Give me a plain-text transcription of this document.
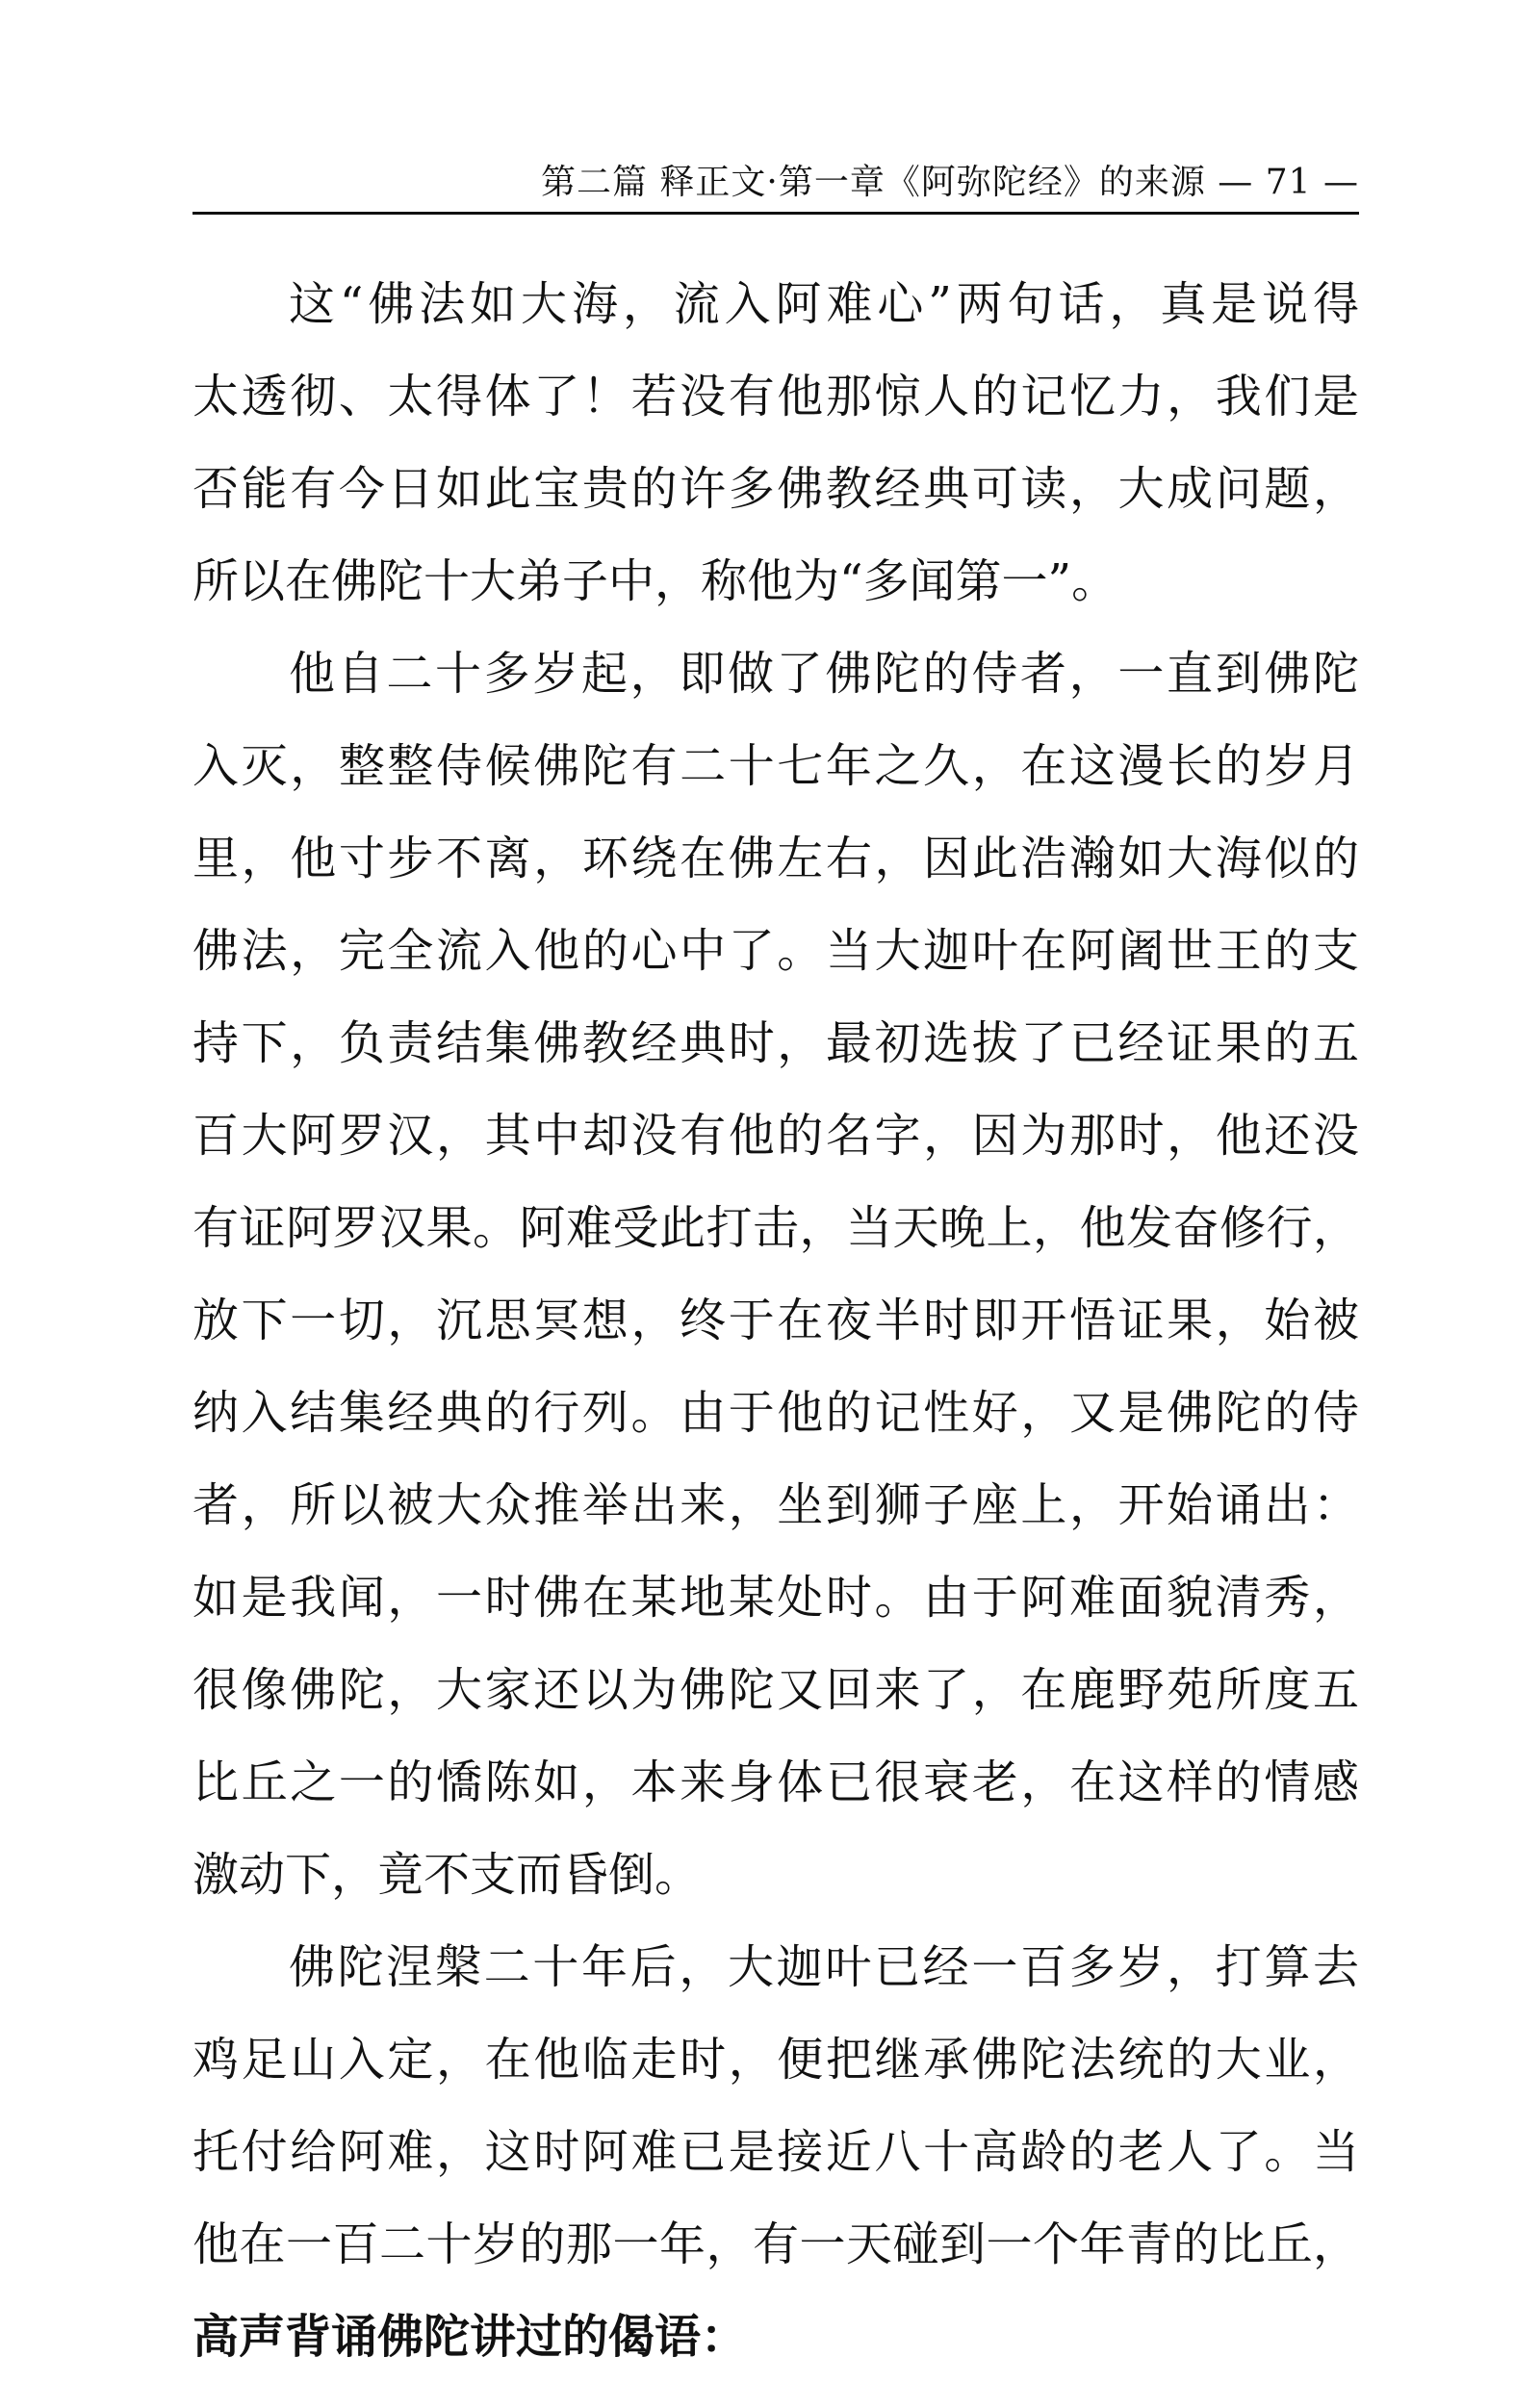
第二篇 释正文·第一章《阿弥陀经》的来源 — 71 —
这“佛法如大海，流入阿难心”两句话，真是说得
太透彻、太得体了！若没有他那惊人的记忆力，我们是
否能有今日如此宝贵的许多佛教经典可读，大成问题，
所以在佛陀十大弟子中，称他为“多闻第一”。
他自二十多岁起，即做了佛陀的侍者，一直到佛陀
入灭，整整侍候佛陀有二十七年之久，在这漫长的岁月
里，他寸步不离，环绕在佛左右，因此浩瀚如大海似的
佛法，完全流入他的心中了。当大迦叶在阿阇世王的支
持下，负责结集佛教经典时，最初选拔了已经证果的五
百大阿罗汉，其中却没有他的名字，因为那时，他还没
有证阿罗汉果。阿难受此打击，当天晚上，他发奋修行，
放下一切，沉思冥想，终于在夜半时即开悟证果，始被
纳入结集经典的行列。由于他的记性好，又是佛陀的侍
者，所以被大众推举出来，坐到狮子座上，开始诵出：
如是我闻，一时佛在某地某处时。由于阿难面貌清秀，
很像佛陀，大家还以为佛陀又回来了，在鹿野苑所度五
比丘之一的憍陈如，本来身体已很衰老，在这样的情感
激动下，竟不支而昏倒。
佛陀涅槃二十年后，大迦叶已经一百多岁，打算去
鸡足山入定，在他临走时，便把继承佛陀法统的大业，
托付给阿难，这时阿难已是接近八十高龄的老人了。当
他在一百二十岁的那一年，有一天碰到一个年青的比丘，
高声背诵佛陀讲过的偈语：
